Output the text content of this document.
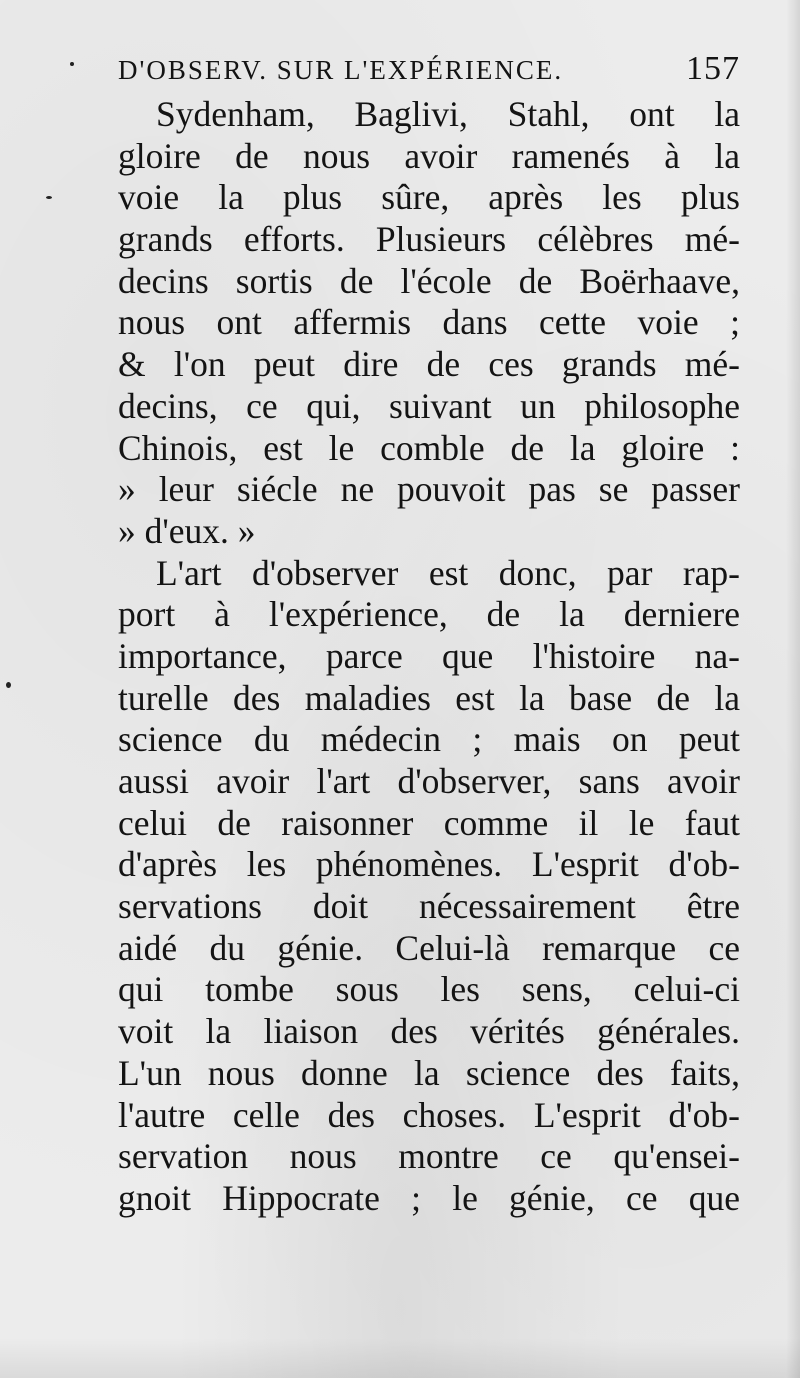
D'OBSERV. SUR L'EXPÉRIENCE.	157
Sydenham, Baglivi, Stahl, ont la
gloire de nous avoir ramenés à la
voie la plus sûre, après les plus
grands efforts. Plusieurs célèbres mé-
decins sortis de l'école de Boërhaave,
nous ont affermis dans cette voie ;
& l'on peut dire de ces grands mé-
decins, ce qui, suivant un philosophe
Chinois, est le comble de la gloire :
» leur siécle ne pouvoit pas se passer
» d'eux. »
L'art d'observer est donc, par rap-
port à l'expérience, de la derniere
importance, parce que l'histoire na-
turelle des maladies est la base de la
science du médecin ; mais on peut
aussi avoir l'art d'observer, sans avoir
celui de raisonner comme il le faut
d'après les phénomènes. L'esprit d'ob-
servations doit nécessairement être
aidé du génie. Celui-là remarque ce
qui tombe sous les sens, celui-ci
voit la liaison des vérités générales.
L'un nous donne la science des faits,
l'autre celle des choses. L'esprit d'ob-
servation nous montre ce qu'ensei-
gnoit Hippocrate ; le génie, ce que
